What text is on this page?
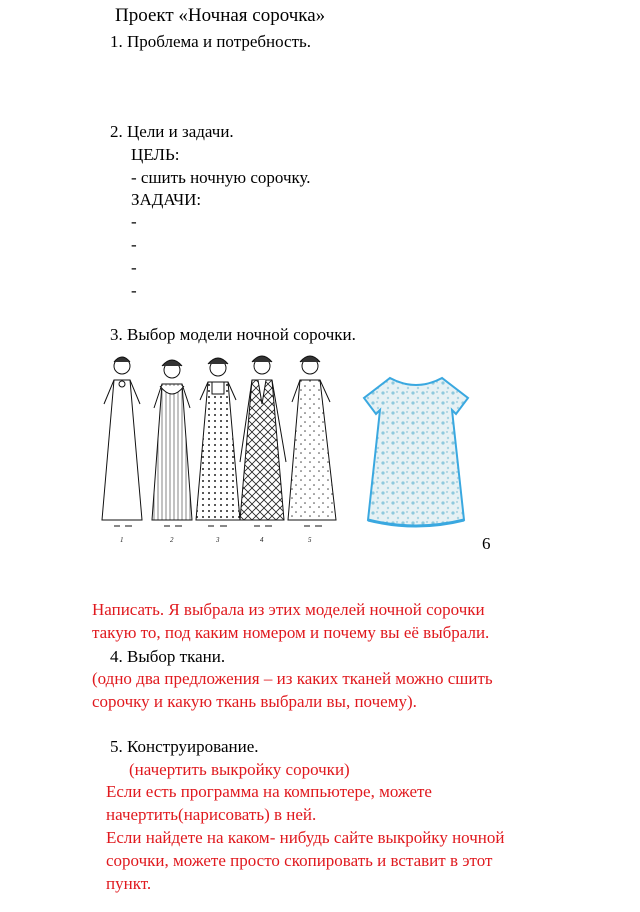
Проект «Ночная сорочка»
1. Проблема и потребность.
2. Цели и задачи.
ЦЕЛЬ:
- сшить ночную сорочку.
ЗАДАЧИ:
-
-
-
-
3. Выбор модели ночной сорочки.
1	2	3	4	5	6
Написать. Я выбрала из этих моделей ночной сорочки
такую то, под каким номером и почему вы её выбрали.
4. Выбор ткани.
(одно два предложения – из каких тканей можно сшить
сорочку и какую ткань выбрали вы, почему).
5. Конструирование.
(начертить выкройку сорочки)
Если есть программа на компьютере, можете
начертить(нарисовать) в ней.
Если найдете на каком- нибудь сайте выкройку ночной
сорочки, можете просто скопировать и вставит в этот
пункт.
